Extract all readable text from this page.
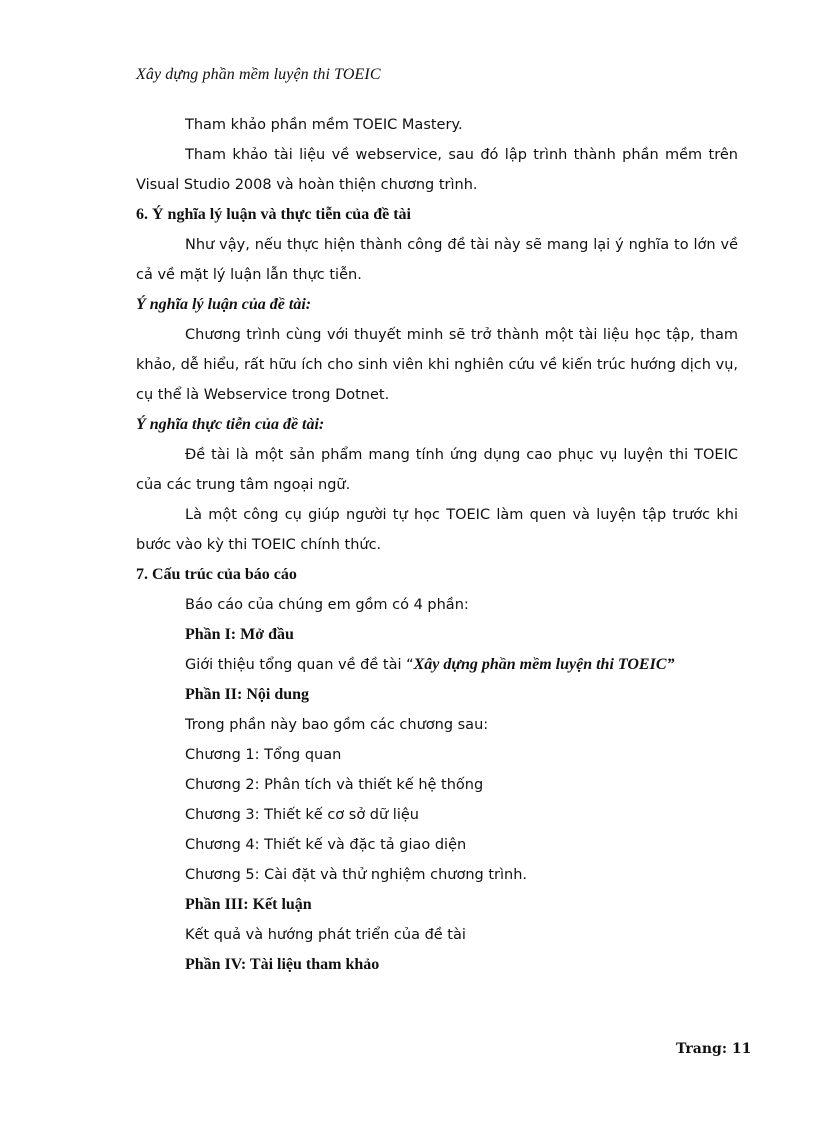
Xây dựng phần mềm luyện thi TOEIC
Tham khảo phần mềm TOEIC Mastery.
Tham khảo tài liệu về webservice, sau đó lập trình thành phần mềm trên
Visual Studio 2008 và hoàn thiện chương trình.
6. Ý nghĩa lý luận và thực tiễn của đề tài
Như vậy, nếu thực hiện thành công đề tài này sẽ mang lại ý nghĩa to lớn về
cả về mặt lý luận lẫn thực tiễn.
Ý nghĩa lý luận của đề tài:
Chương trình cùng với thuyết minh sẽ trở thành một tài liệu học tập, tham
khảo, dễ hiểu, rất hữu ích cho sinh viên khi nghiên cứu về kiến trúc hướng dịch vụ,
cụ thể là Webservice trong Dotnet.
Ý nghĩa thực tiễn của đề tài:
Đề tài là một sản phẩm mang tính ứng dụng cao phục vụ luyện thi TOEIC
của các trung tâm ngoại ngữ.
Là một công cụ giúp người tự học TOEIC làm quen và luyện tập trước khi
bước vào kỳ thi TOEIC chính thức.
7. Cấu trúc của báo cáo
Báo cáo của chúng em gồm có 4 phần:
Phần I: Mở đầu
Giới thiệu tổng quan về đề tài “Xây dựng phần mềm luyện thi TOEIC”
Phần II: Nội dung
Trong phần này bao gồm các chương sau:
Chương 1: Tổng quan
Chương 2: Phân tích và thiết kế hệ thống
Chương 3: Thiết kế cơ sở dữ liệu
Chương 4: Thiết kế và đặc tả giao diện
Chương 5: Cài đặt và thử nghiệm chương trình.
Phần III: Kết luận
Kết quả và hướng phát triển của đề tài
Phần IV: Tài liệu tham khảo
Trang: 11
